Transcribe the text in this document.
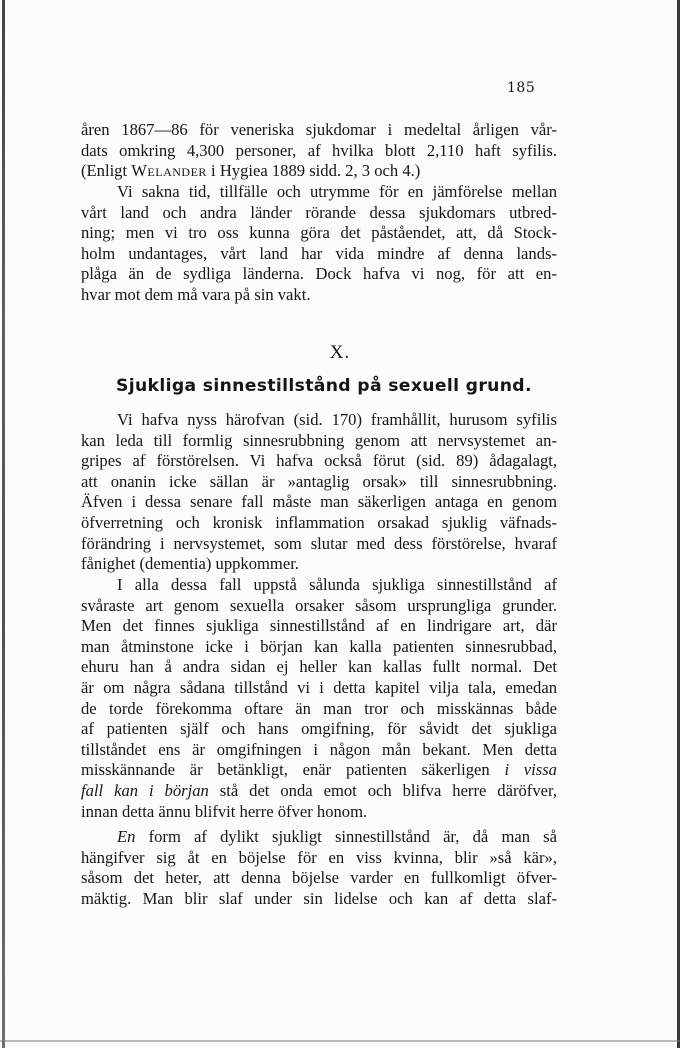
185
åren 1867—86 för veneriska sjukdomar i medeltal årligen vår-
dats omkring 4,300 personer, af hvilka blott 2,110 haft syfilis.
(Enligt Welander i Hygiea 1889 sidd. 2, 3 och 4.)
Vi sakna tid, tillfälle och utrymme för en jämförelse mellan
vårt land och andra länder rörande dessa sjukdomars utbred-
ning; men vi tro oss kunna göra det påståendet, att, då Stock-
holm undantages, vårt land har vida mindre af denna lands-
plåga än de sydliga länderna. Dock hafva vi nog, för att en-
hvar mot dem må vara på sin vakt.
X.
Sjukliga sinnestillstånd på sexuell grund.
Vi hafva nyss härofvan (sid. 170) framhållit, hurusom syfilis
kan leda till formlig sinnesrubbning genom att nervsystemet an-
gripes af förstörelsen. Vi hafva också förut (sid. 89) ådagalagt,
att onanin icke sällan är »antaglig orsak» till sinnesrubbning.
Äfven i dessa senare fall måste man säkerligen antaga en genom
öfverretning och kronisk inflammation orsakad sjuklig väfnads-
förändring i nervsystemet, som slutar med dess förstörelse, hvaraf
fånighet (dementia) uppkommer.
I alla dessa fall uppstå sålunda sjukliga sinnestillstånd af
svåraste art genom sexuella orsaker såsom ursprungliga grunder.
Men det finnes sjukliga sinnestillstånd af en lindrigare art, där
man åtminstone icke i början kan kalla patienten sinnesrubbad,
ehuru han å andra sidan ej heller kan kallas fullt normal. Det
är om några sådana tillstånd vi i detta kapitel vilja tala, emedan
de torde förekomma oftare än man tror och misskännas både
af patienten själf och hans omgifning, för såvidt det sjukliga
tillståndet ens är omgifningen i någon mån bekant. Men detta
misskännande är betänkligt, enär patienten säkerligen i vissa
fall kan i början stå det onda emot och blifva herre däröfver,
innan detta ännu blifvit herre öfver honom.
En form af dylikt sjukligt sinnestillstånd är, då man så
hängifver sig åt en böjelse för en viss kvinna, blir »så kär»,
såsom det heter, att denna böjelse varder en fullkomligt öfver-
mäktig. Man blir slaf under sin lidelse och kan af detta slaf-
